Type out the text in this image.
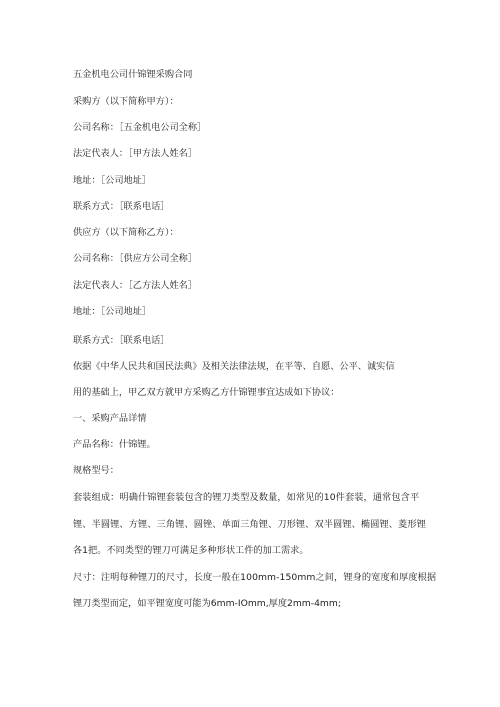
五金机电公司什锦锂采购合同
采购方（以下简称甲方）：
公司名称：［五金机电公司全称］
法定代表人：［甲方法人姓名］
地址：［公司地址］
联系方式：［联系电话］
供应方（以下简称乙方）：
公司名称：［供应方公司全称］
法定代表人：［乙方法人姓名］
地址：［公司地址］
联系方式：［联系电话］
依据《中华人民共和国民法典》及相关法律法规，在平等、自愿、公平、诚实信
用的基础上，甲乙双方就甲方采购乙方什锦锂事宜达成如下协议：
一、采购产品详情
产品名称：什锦锂。
规格型号：
套装组成：明确什锦锂套装包含的锂刀类型及数量，如常见的10件套装，通常包含平
锂、半圆锂、方锂、三角锂、圆锉、单面三角锂、刀形锂、双半圆锂、椭圆锂、菱形锂
各1把。不同类型的锂刀可满足多种形状工件的加工需求。
尺寸：注明每种锂刀的尺寸，长度一般在100mm-150mm之间，锂身的宽度和厚度根据
锂刀类型而定，如平锂宽度可能为6mm-IOmm,厚度2mm-4mm;
